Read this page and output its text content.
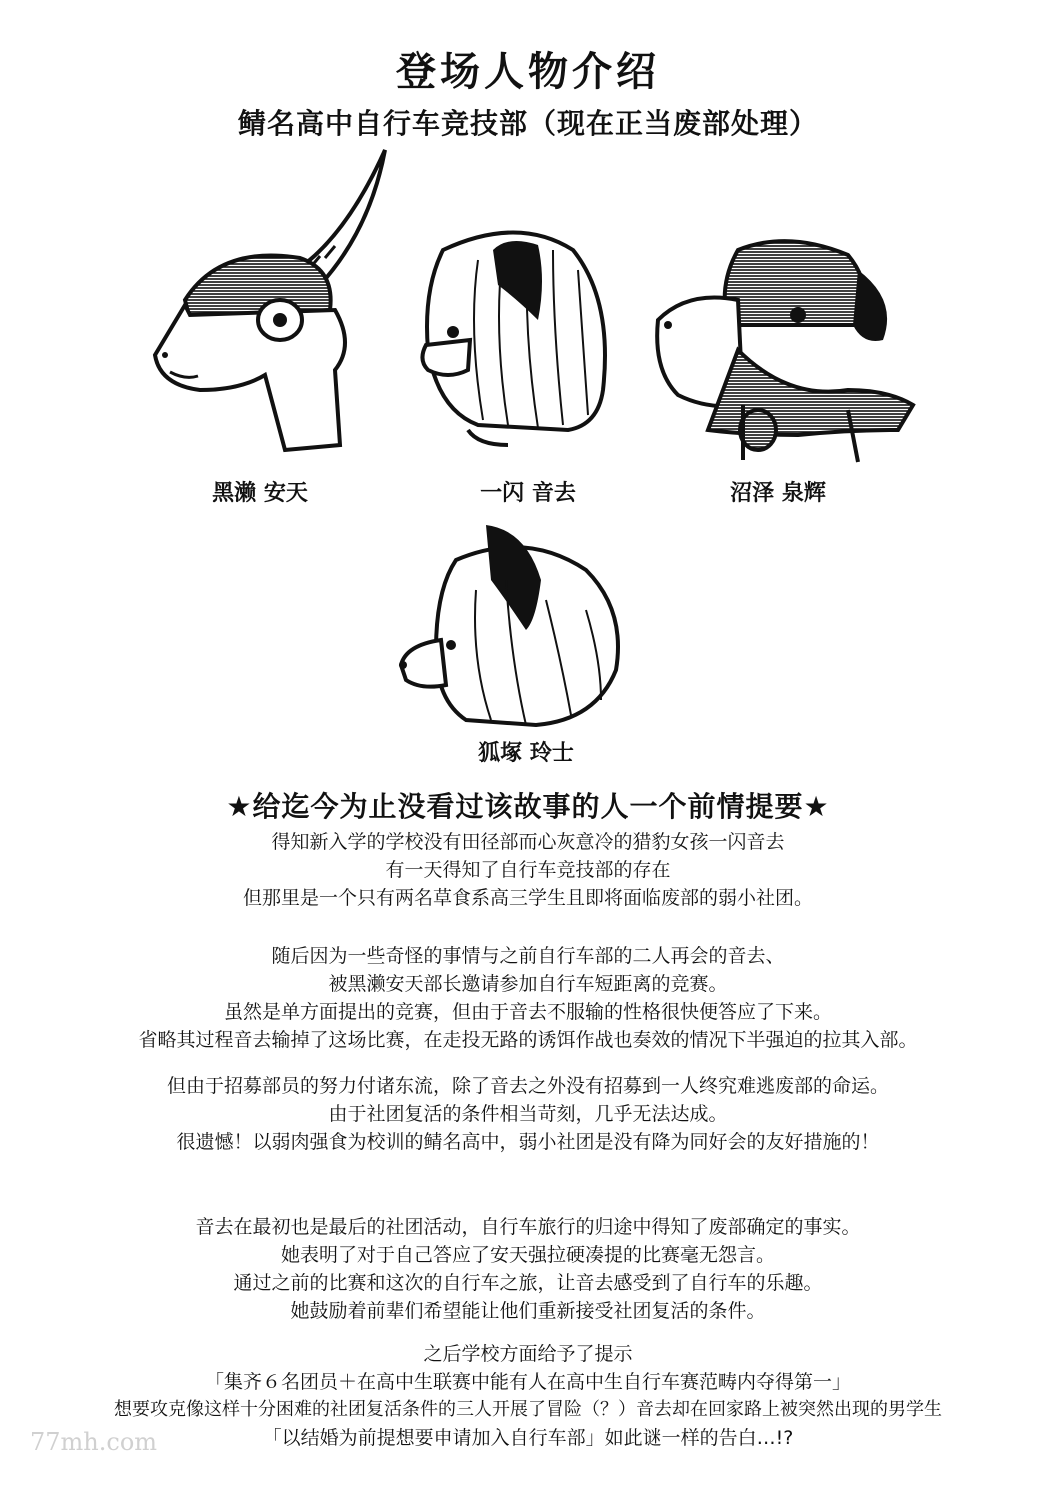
登场人物介绍
鲭名高中自行车竞技部（现在正当废部处理）
黑濑 安天	一闪 音去	沼泽 泉辉
狐塚 玲士
★给迄今为止没看过该故事的人一个前情提要★
得知新入学的学校没有田径部而心灰意冷的猎豹女孩一闪音去
有一天得知了自行车竞技部的存在
但那里是一个只有两名草食系高三学生且即将面临废部的弱小社团。
随后因为一些奇怪的事情与之前自行车部的二人再会的音去、
被黑濑安天部长邀请参加自行车短距离的竞赛。
虽然是单方面提出的竞赛，但由于音去不服输的性格很快便答应了下来。
省略其过程音去输掉了这场比赛，在走投无路的诱饵作战也奏效的情况下半强迫的拉其入部。
但由于招募部员的努力付诸东流，除了音去之外没有招募到一人终究难逃废部的命运。
由于社团复活的条件相当苛刻，几乎无法达成。
很遗憾！以弱肉强食为校训的鲭名高中，弱小社团是没有降为同好会的友好措施的！
音去在最初也是最后的社团活动，自行车旅行的归途中得知了废部确定的事实。
她表明了对于自己答应了安天强拉硬凑提的比赛毫无怨言。
通过之前的比赛和这次的自行车之旅，让音去感受到了自行车的乐趣。
她鼓励着前辈们希望能让他们重新接受社团复活的条件。
之后学校方面给予了提示
「集齐６名团员＋在高中生联赛中能有人在高中生自行车赛范畴内夺得第一」
想要攻克像这样十分困难的社团复活条件的三人开展了冒险（？）音去却在回家路上被突然出现的男学生
「以结婚为前提想要申请加入自行车部」如此谜一样的告白…!?
77mh.com
